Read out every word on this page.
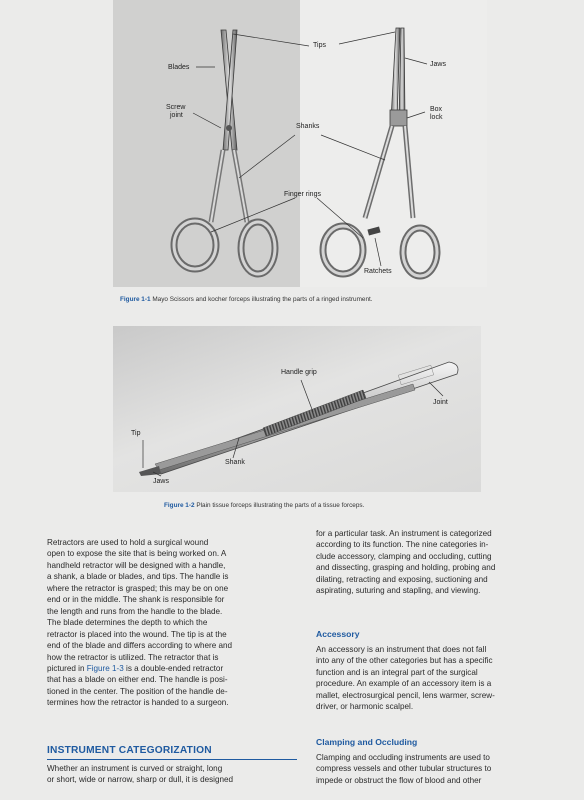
Blades
Screw
joint
Tips
Jaws
Box
lock
Shanks
Finger rings
Ratchets
Figure 1-1 Mayo Scissors and kocher forceps illustrating the parts of a ringed instrument.
Handle grip
Joint
Tip
Shank
Jaws
Figure 1-2 Plain tissue forceps illustrating the parts of a tissue forceps.

Retractors are used to hold a surgical wound
open to expose the site that is being worked on. A
handheld retractor will be designed with a handle,
a shank, a blade or blades, and tips. The handle is
where the retractor is grasped; this may be on one
end or in the middle. The shank is responsible for
the length and runs from the handle to the blade.
The blade determines the depth to which the
retractor is placed into the wound. The tip is at the
end of the blade and differs according to where and
how the retractor is utilized. The retractor that is
pictured in Figure 1-3 is a double-ended retractor
that has a blade on either end. The handle is posi-
tioned in the center. The position of the handle de-
termines how the retractor is handed to a surgeon.

INSTRUMENT CATEGORIZATION

Whether an instrument is curved or straight, long
or short, wide or narrow, sharp or dull, it is designed

for a particular task. An instrument is categorized
according to its function. The nine categories in-
clude accessory, clamping and occluding, cutting
and dissecting, grasping and holding, probing and
dilating, retracting and exposing, suctioning and
aspirating, suturing and stapling, and viewing.

Accessory

An accessory is an instrument that does not fall
into any of the other categories but has a specific
function and is an integral part of the surgical
procedure. An example of an accessory item is a
mallet, electrosurgical pencil, lens warmer, screw-
driver, or harmonic scalpel.

Clamping and Occluding

Clamping and occluding instruments are used to
compress vessels and other tubular structures to
impede or obstruct the flow of blood and other
